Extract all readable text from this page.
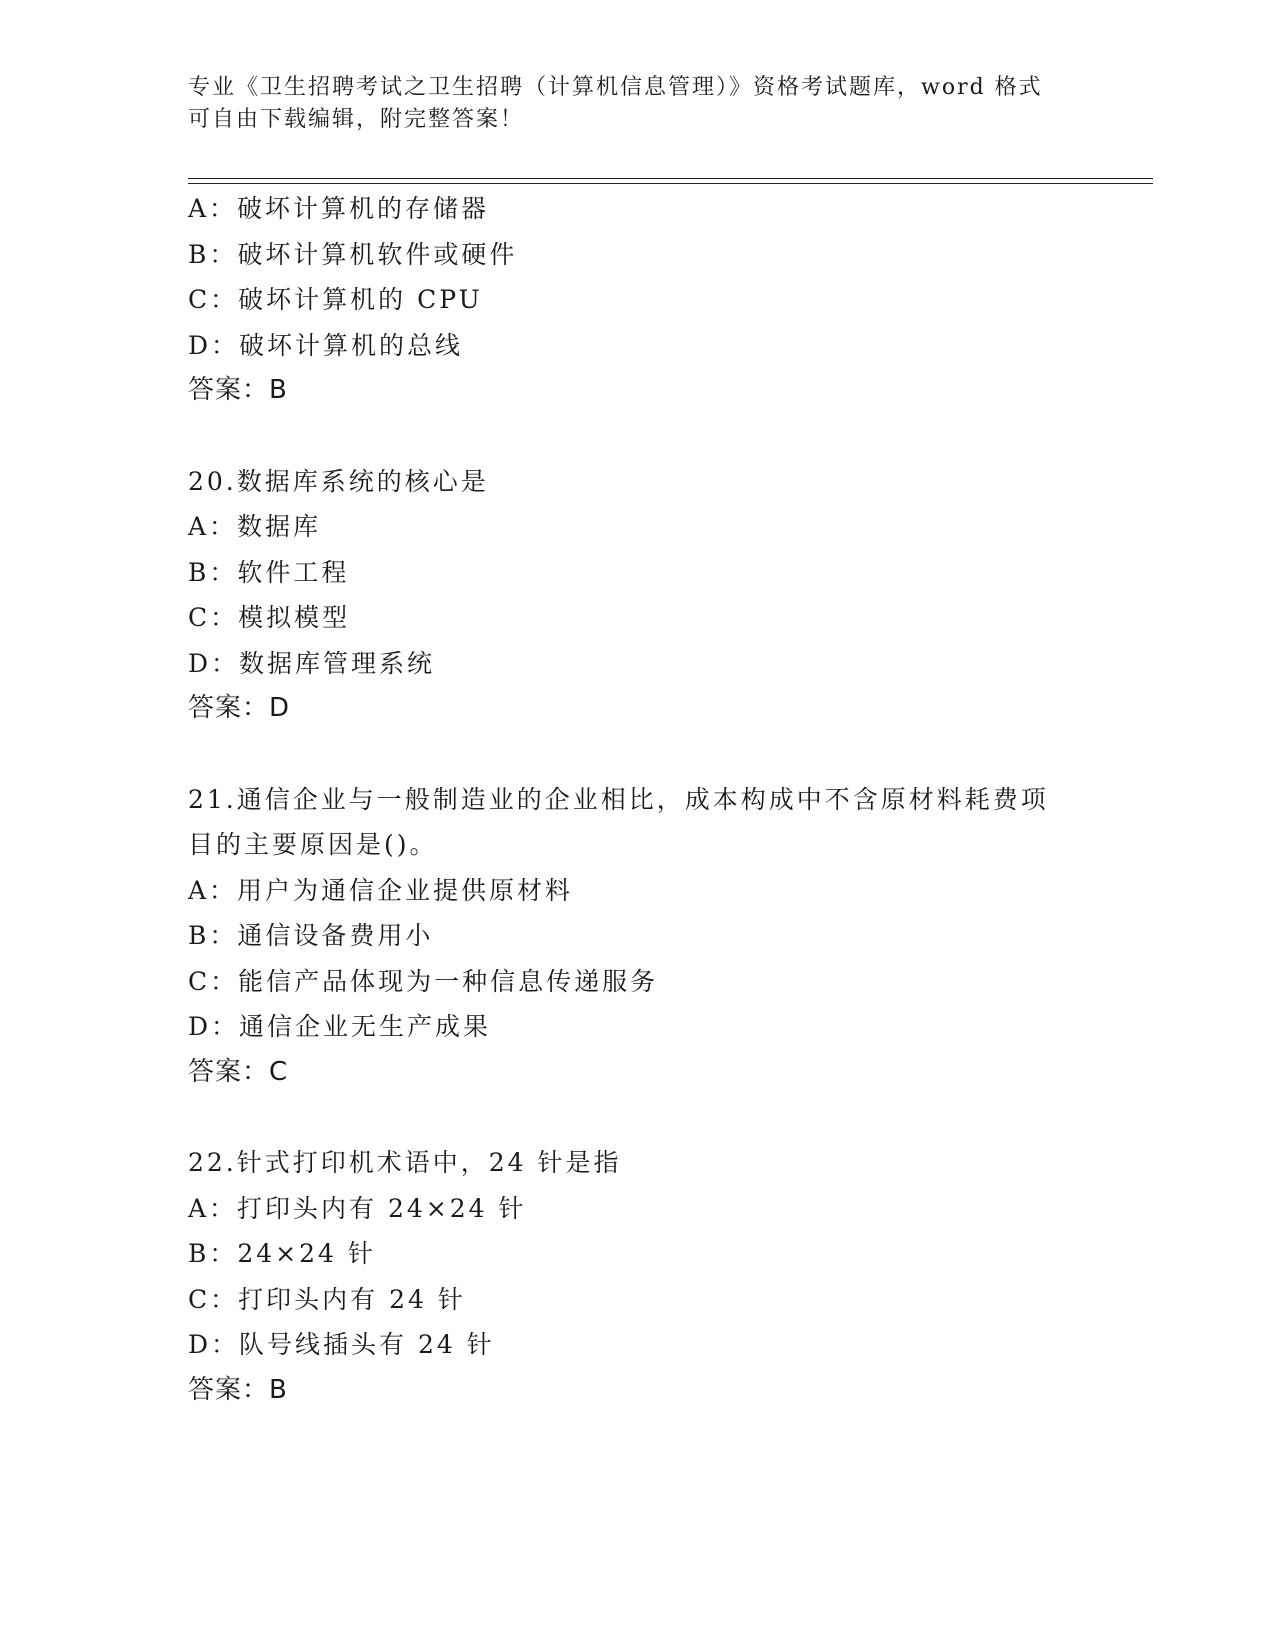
专业《卫生招聘考试之卫生招聘（计算机信息管理）》资格考试题库，word 格式
可自由下载编辑，附完整答案！
A：破坏计算机的存储器
B：破坏计算机软件或硬件
C：破坏计算机的 CPU
D：破坏计算机的总线
答案：B
20.数据库系统的核心是
A：数据库
B：软件工程
C：模拟模型
D：数据库管理系统
答案：D
21.通信企业与一般制造业的企业相比，成本构成中不含原材料耗费项
目的主要原因是()。
A：用户为通信企业提供原材料
B：通信设备费用小
C：能信产品体现为一种信息传递服务
D：通信企业无生产成果
答案：C
22.针式打印机术语中，24 针是指
A：打印头内有 24×24 针
B：24×24 针
C：打印头内有 24 针
D：队号线插头有 24 针
答案：B
